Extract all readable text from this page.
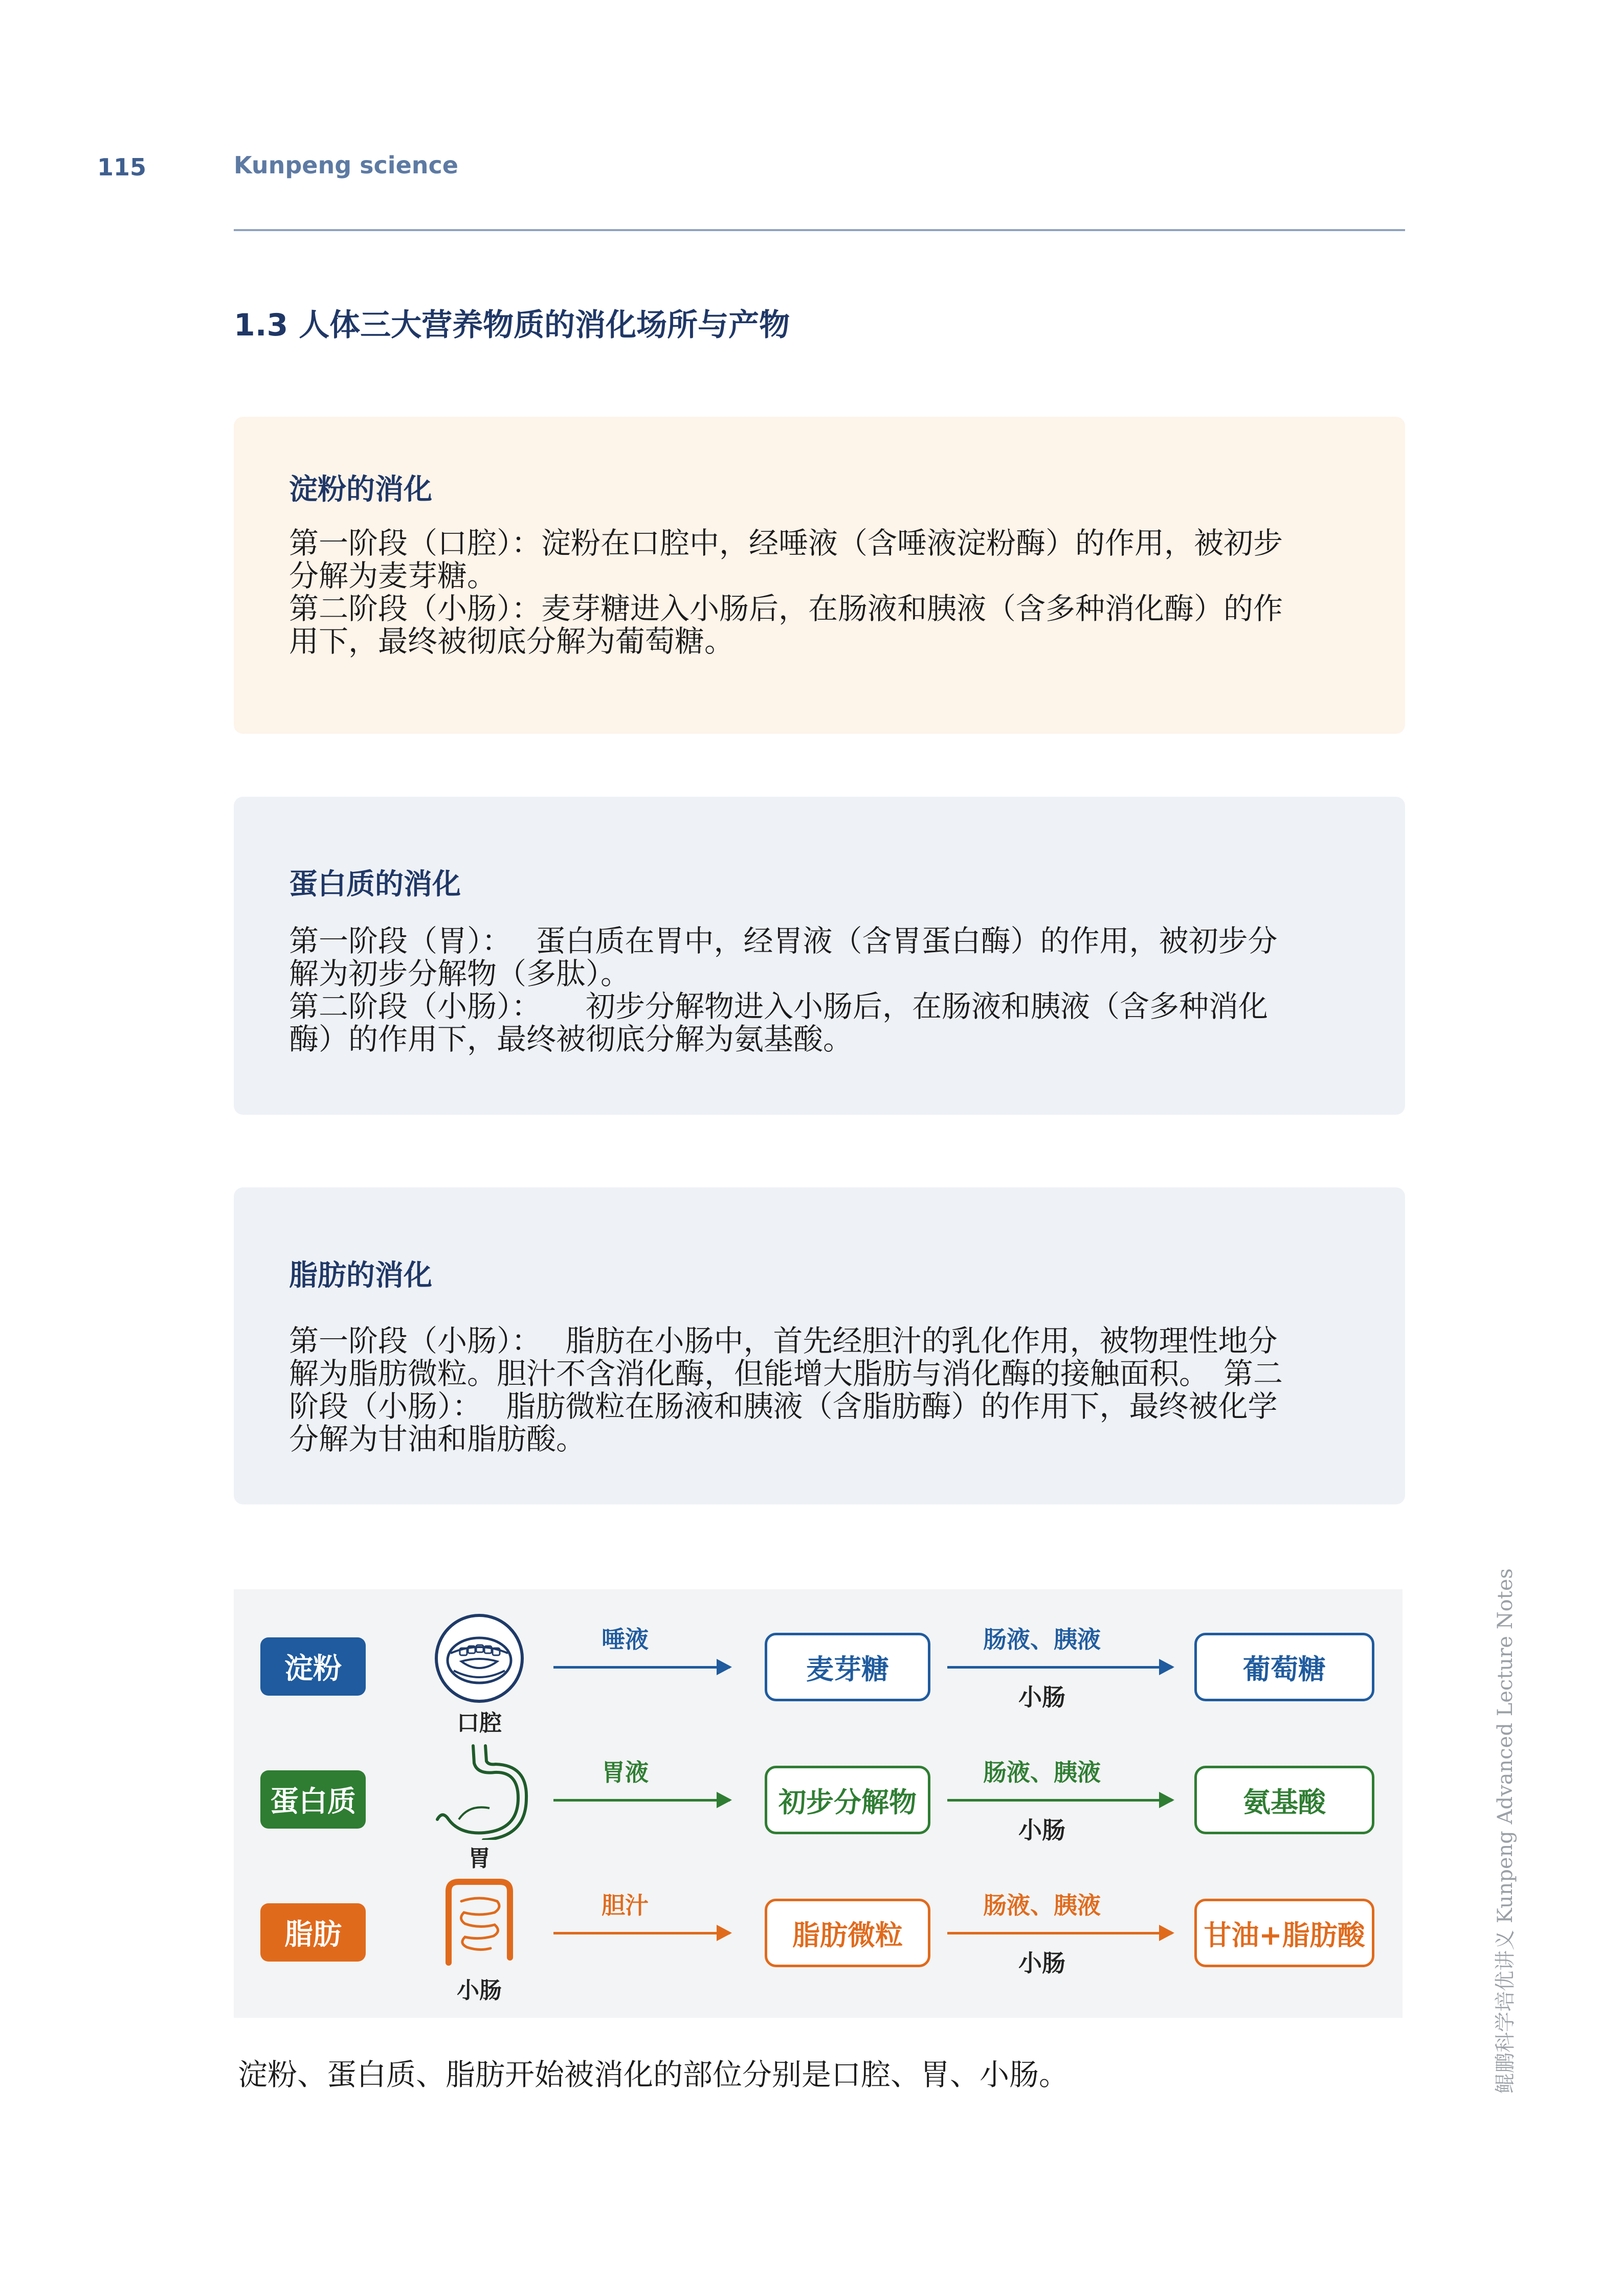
115	Kunpeng science
1.3 人体三大营养物质的消化场所与产物
淀粉的消化
第一阶段（口腔）：淀粉在口腔中，经唾液（含唾液淀粉酶）的作用，被初步
分解为麦芽糖。
第二阶段（小肠）：麦芽糖进入小肠后，在肠液和胰液（含多种消化酶）的作
用下，最终被彻底分解为葡萄糖。
蛋白质的消化
第一阶段（胃）：　 蛋白质在胃中，经胃液（含胃蛋白酶）的作用，被初步分
解为初步分解物（多肽）。
第二阶段（小肠）：　　初步分解物进入小肠后，在肠液和胰液（含多种消化
酶）的作用下，最终被彻底分解为氨基酸。
脂肪的消化
第一阶段（小肠）：　 脂肪在小肠中，首先经胆汁的乳化作用，被物理性地分
解为脂肪微粒。胆汁不含消化酶，但能增大脂肪与消化酶的接触面积。　第二
阶段（小肠）：　 脂肪微粒在肠液和胰液（含脂肪酶）的作用下，最终被化学
分解为甘油和脂肪酸。
淀粉
口腔
唾液
麦芽糖
肠液、胰液
小肠
葡萄糖
蛋白质
胃
胃液
初步分解物
肠液、胰液
小肠
氨基酸
脂肪
小肠
胆汁
脂肪微粒
肠液、胰液
小肠
甘油+脂肪酸
淀粉、蛋白质、脂肪开始被消化的部位分别是口腔、胃、小肠。	鲲鹏科学培优讲义 Kunpeng Advanced Lecture Notes
